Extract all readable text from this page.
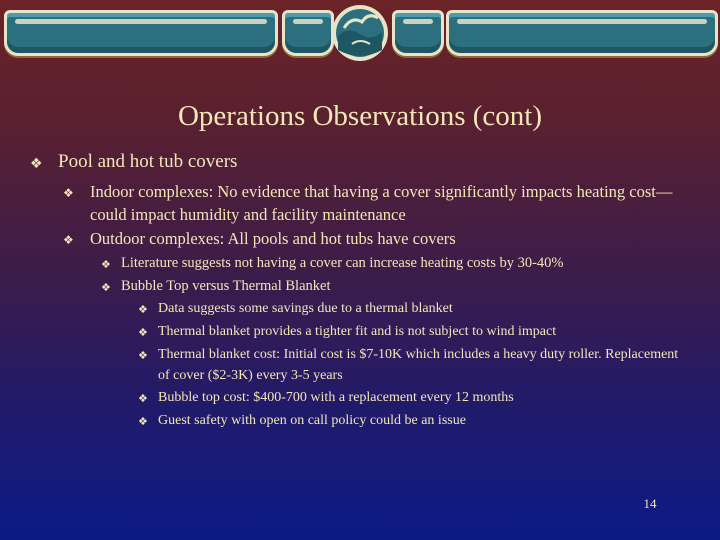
Operations Observations (cont)
❖ Pool and hot tub covers
❖ Indoor complexes: No evidence that having a cover significantly impacts heating cost—could impact humidity and facility maintenance
❖ Outdoor complexes: All pools and hot tubs have covers
❖ Literature suggests not having a cover can increase heating costs by 30-40%
❖ Bubble Top versus Thermal Blanket
❖ Data suggests some savings due to a thermal blanket
❖ Thermal blanket provides a tighter fit and is not subject to wind impact
❖ Thermal blanket cost: Initial cost is $7-10K which includes a heavy duty roller. Replacement of cover ($2-3K) every 3-5 years
❖ Bubble top cost: $400-700 with a replacement every 12 months
❖ Guest safety with open on call policy could be an issue
14
